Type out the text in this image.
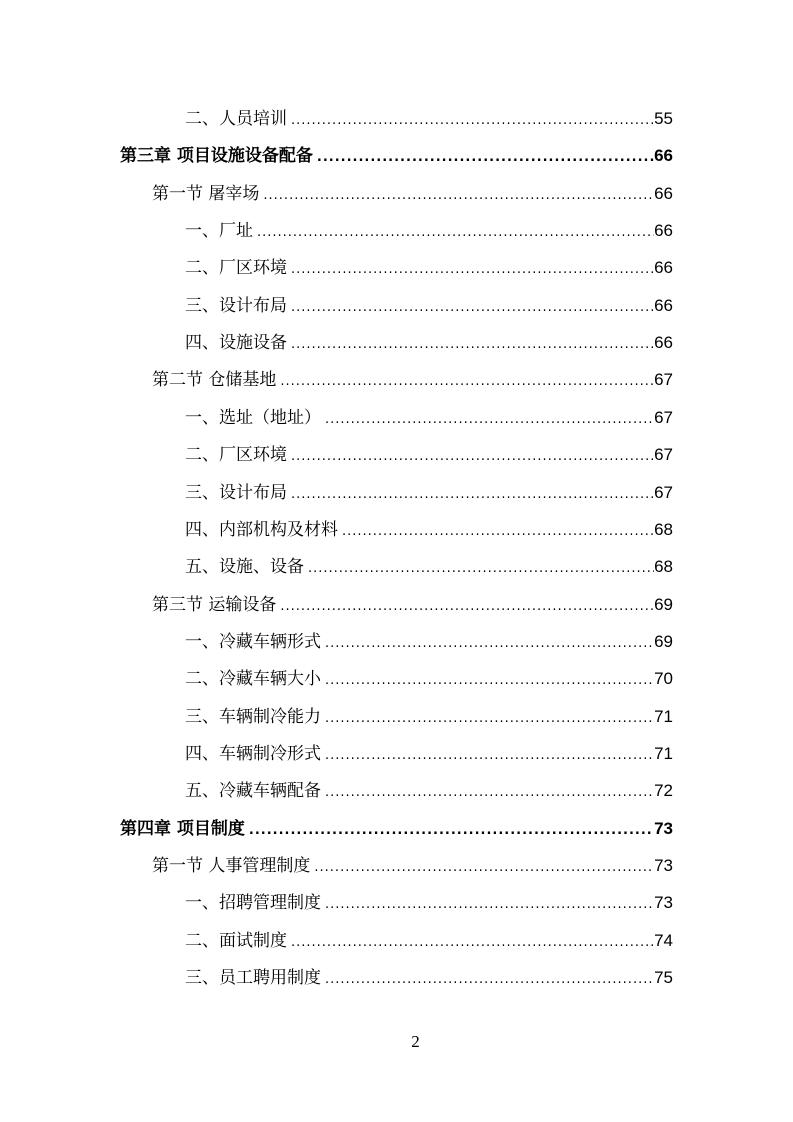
二、人员培训 .....	55
第三章 项目设施设备配备 .....	66
第一节 屠宰场 .....	66
一、厂址 .....	66
二、厂区环境 .....	66
三、设计布局 .....	66
四、设施设备 .....	66
第二节 仓储基地 .....	67
一、选址（地址） .....	67
二、厂区环境 .....	67
三、设计布局 .....	67
四、内部机构及材料 .....	68
五、设施、设备 .....	68
第三节 运输设备 .....	69
一、冷藏车辆形式 .....	69
二、冷藏车辆大小 .....	70
三、车辆制冷能力 .....	71
四、车辆制冷形式 .....	71
五、冷藏车辆配备 .....	72
第四章 项目制度 .....	73
第一节 人事管理制度 .....	73
一、招聘管理制度 .....	73
二、面试制度 .....	74
三、员工聘用制度 .....	75
2
